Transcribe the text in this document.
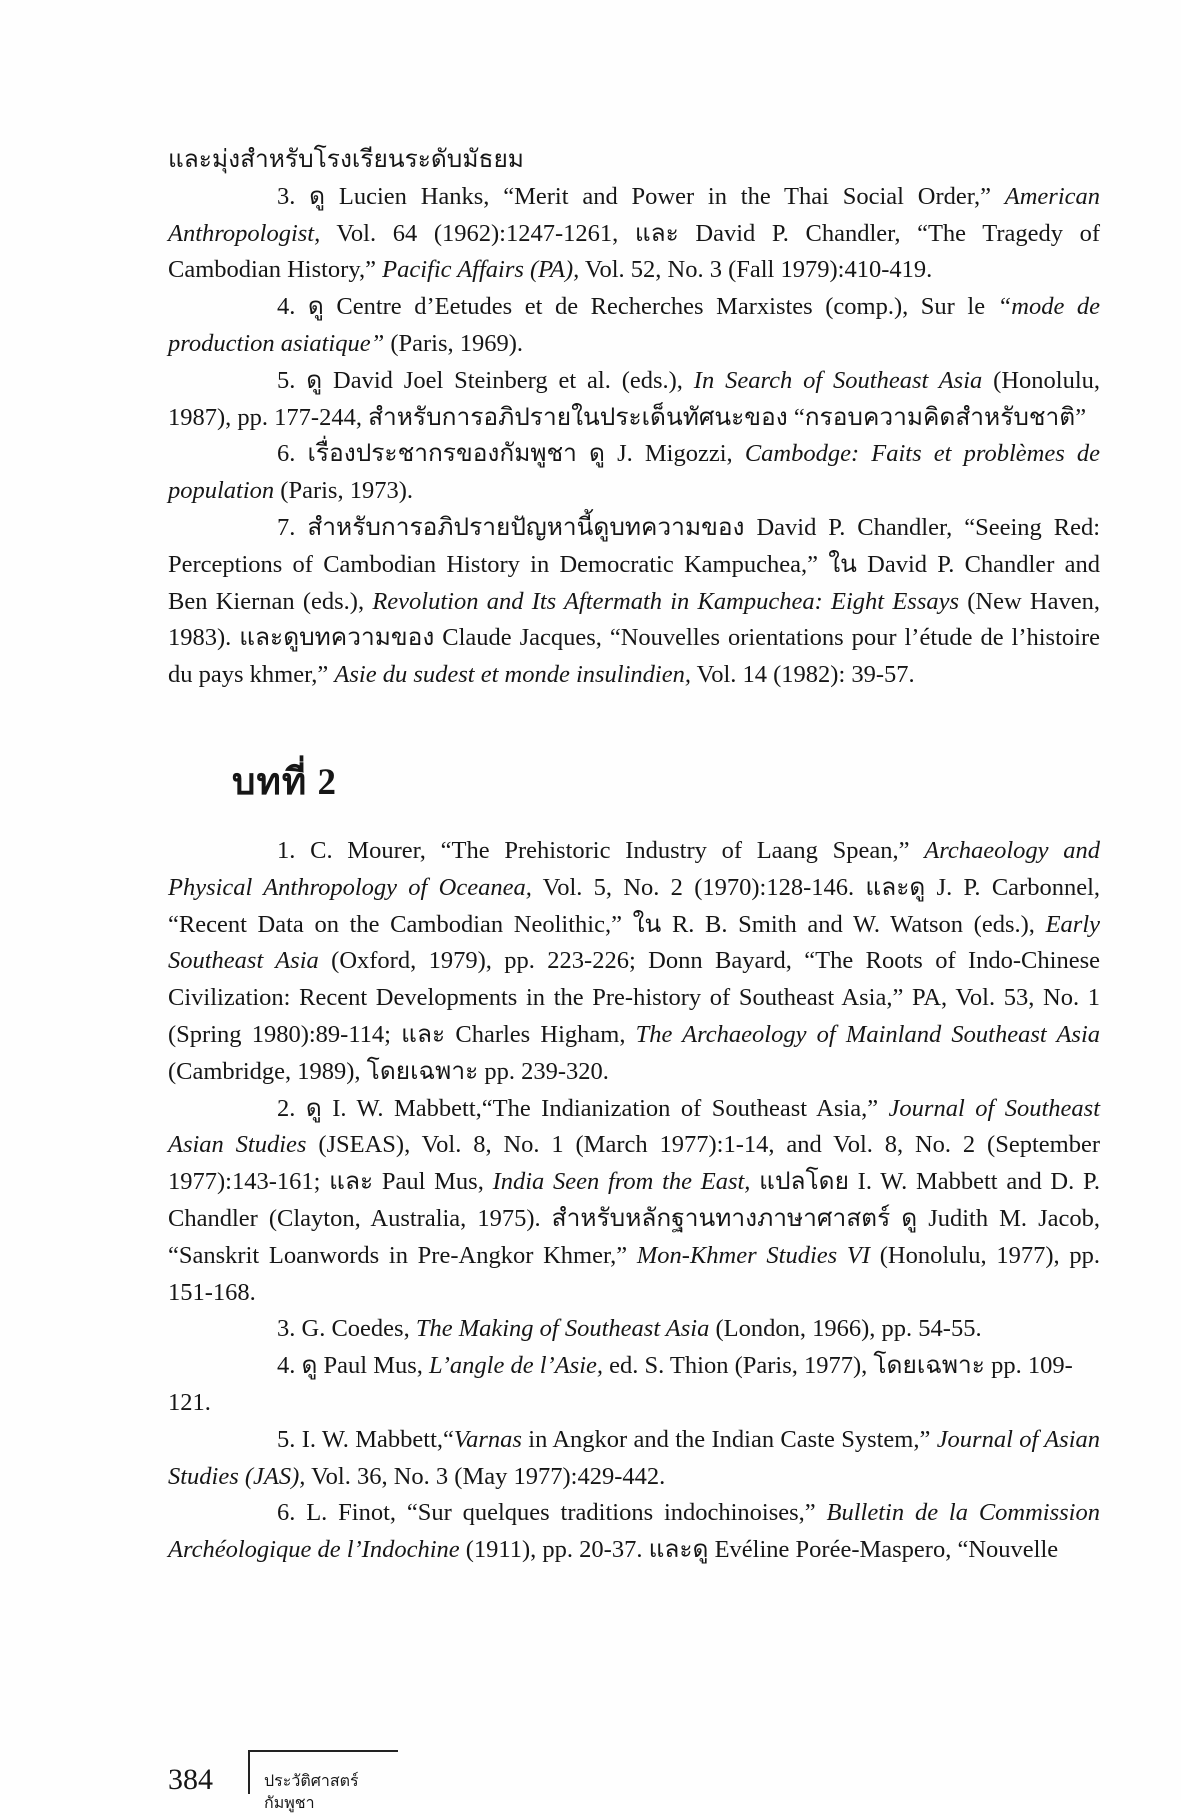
และมุ่งสำหรับโรงเรียนระดับมัธยม

3. ดู Lucien Hanks, “Merit and Power in the Thai Social Order,” American Anthropologist, Vol. 64 (1962):1247-1261, และ David P. Chandler, “The Tragedy of Cambodian History,” Pacific Affairs (PA), Vol. 52, No. 3 (Fall 1979):410-419.

4. ดู Centre d’Eetudes et de Recherches Marxistes (comp.), Sur le “mode de production asiatique” (Paris, 1969).

5. ดู David Joel Steinberg et al. (eds.), In Search of Southeast Asia (Honolulu, 1987), pp. 177-244, สำหรับการอภิปรายในประเด็นทัศนะของ “กรอบความคิดสำหรับชาติ”

6. เรื่องประชากรของกัมพูชา ดู J. Migozzi, Cambodge: Faits et problèmes de population (Paris, 1973).

7. สำหรับการอภิปรายปัญหานี้ดูบทความของ David P. Chandler, “Seeing Red: Perceptions of Cambodian History in Democratic Kampuchea,” ใน David P. Chandler and Ben Kiernan (eds.), Revolution and Its Aftermath in Kampuchea: Eight Essays (New Haven, 1983). และดูบทความของ Claude Jacques, “Nouvelles orientations pour l’étude de l’histoire du pays khmer,” Asie du sudest et monde insulindien, Vol. 14 (1982): 39-57.

บทที่ 2

1. C. Mourer, “The Prehistoric Industry of Laang Spean,” Archaeology and Physical Anthropology of Oceanea, Vol. 5, No. 2 (1970):128-146. และดู J. P. Carbonnel, “Recent Data on the Cambodian Neolithic,” ใน R. B. Smith and W. Watson (eds.), Early Southeast Asia (Oxford, 1979), pp. 223-226; Donn Bayard, “The Roots of Indo-Chinese Civilization: Recent Developments in the Pre-history of Southeast Asia,” PA, Vol. 53, No. 1 (Spring 1980):89-114; และ Charles Higham, The Archaeology of Mainland Southeast Asia (Cambridge, 1989), โดยเฉพาะ pp. 239-320.

2. ดู I. W. Mabbett,“The Indianization of Southeast Asia,” Journal of Southeast Asian Studies (JSEAS), Vol. 8, No. 1 (March 1977):1-14, and Vol. 8, No. 2 (September 1977):143-161; และ Paul Mus, India Seen from the East, แปลโดย I. W. Mabbett and D. P. Chandler (Clayton, Australia, 1975). สำหรับหลักฐานทางภาษาศาสตร์ ดู Judith M. Jacob, “Sanskrit Loanwords in Pre-Angkor Khmer,” Mon-Khmer Studies VI (Honolulu, 1977), pp. 151-168.

3. G. Coedes, The Making of Southeast Asia (London, 1966), pp. 54-55.

4. ดู Paul Mus, L’angle de l’Asie, ed. S. Thion (Paris, 1977), โดยเฉพาะ pp. 109-

121.

5. I. W. Mabbett,“Varnas in Angkor and the Indian Caste System,” Journal of Asian Studies (JAS), Vol. 36, No. 3 (May 1977):429-442.

6. L. Finot, “Sur quelques traditions indochinoises,” Bulletin de la Commission Archéologique de l’Indochine (1911), pp. 20-37. และดู Evéline Porée-Maspero, “Nouvelle

384	ประวัติศาสตร์กัมพูชา
